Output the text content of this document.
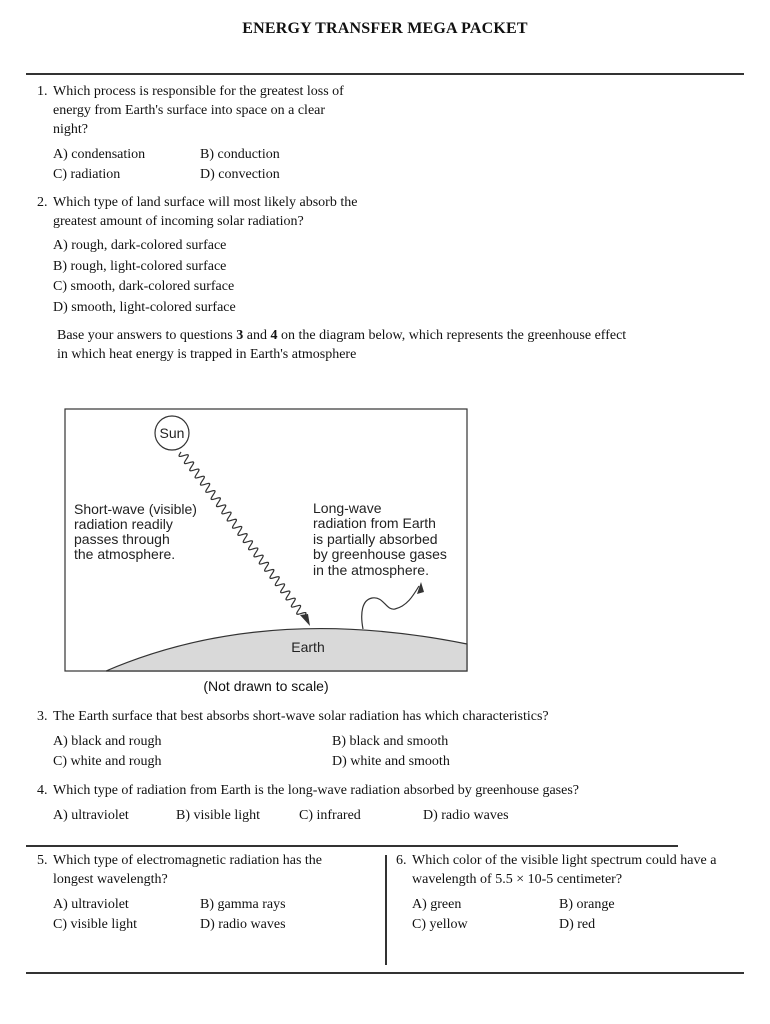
ENERGY TRANSFER MEGA PACKET
1. Which process is responsible for the greatest loss of
energy from Earth's surface into space on a clear
night?
A) condensation	B) conduction
C) radiation	D) convection
2. Which type of land surface will most likely absorb the
greatest amount of incoming solar radiation?
A) rough, dark-colored surface
B) rough, light-colored surface
C) smooth, dark-colored surface
D) smooth, light-colored surface
Base your answers to questions 3 and 4 on the diagram below, which represents the greenhouse effect
in which heat energy is trapped in Earth's atmosphere
Sun
Short-wave (visible) radiation readily passes through the atmosphere.
Long-wave radiation from Earth is partially absorbed by greenhouse gases in the atmosphere.
Earth
(Not drawn to scale)
3. The Earth surface that best absorbs short-wave solar radiation has which characteristics?
A) black and rough	B) black and smooth
C) white and rough	D) white and smooth
4. Which type of radiation from Earth is the long-wave radiation absorbed by greenhouse gases?
A) ultraviolet	B) visible light	C) infrared	D) radio waves
5. Which type of electromagnetic radiation has the
longest wavelength?
A) ultraviolet	B) gamma rays
C) visible light	D) radio waves
6. Which color of the visible light spectrum could have a
wavelength of 5.5 × 10-5 centimeter?
A) green	B) orange
C) yellow	D) red
